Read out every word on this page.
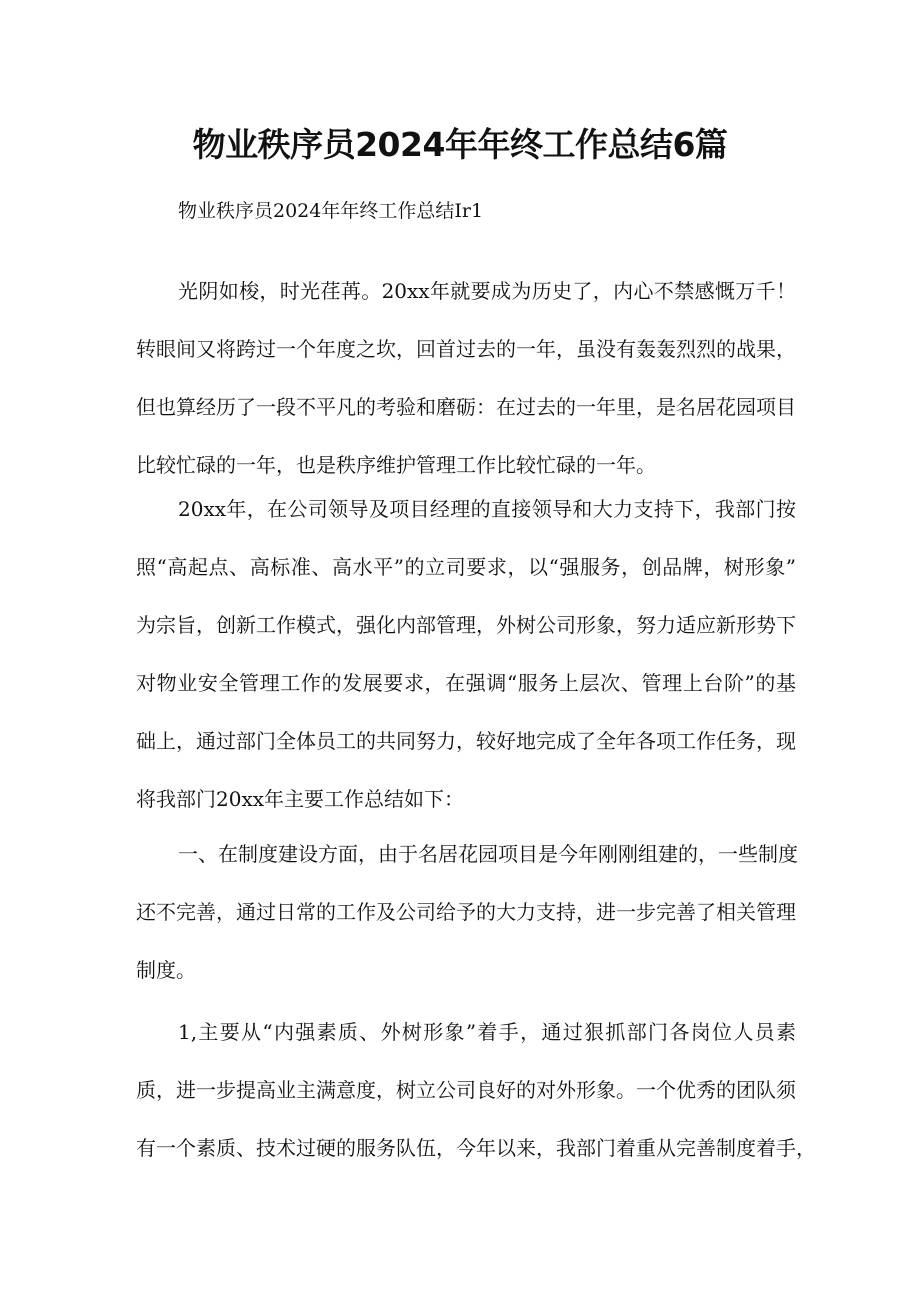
物业秩序员2024年年终工作总结6篇

物业秩序员2024年年终工作总结Ir1

光阴如梭，时光荏苒。20xx年就要成为历史了，内心不禁感慨万千！
转眼间又将跨过一个年度之坎，回首过去的一年，虽没有轰轰烈烈的战果，
但也算经历了一段不平凡的考验和磨砺：在过去的一年里，是名居花园项目
比较忙碌的一年，也是秩序维护管理工作比较忙碌的一年。

20xx年，在公司领导及项目经理的直接领导和大力支持下，我部门按
照“高起点、高标准、高水平”的立司要求，以“强服务，创品牌，树形象”
为宗旨，创新工作模式，强化内部管理，外树公司形象，努力适应新形势下
对物业安全管理工作的发展要求，在强调“服务上层次、管理上台阶”的基
础上，通过部门全体员工的共同努力，较好地完成了全年各项工作任务，现
将我部门20xx年主要工作总结如下：

一、在制度建设方面，由于名居花园项目是今年刚刚组建的，一些制度
还不完善，通过日常的工作及公司给予的大力支持，进一步完善了相关管理
制度。

1,主要从“内强素质、外树形象”着手，通过狠抓部门各岗位人员素
质，进一步提高业主满意度，树立公司良好的对外形象。一个优秀的团队须
有一个素质、技术过硬的服务队伍，今年以来，我部门着重从完善制度着手，
